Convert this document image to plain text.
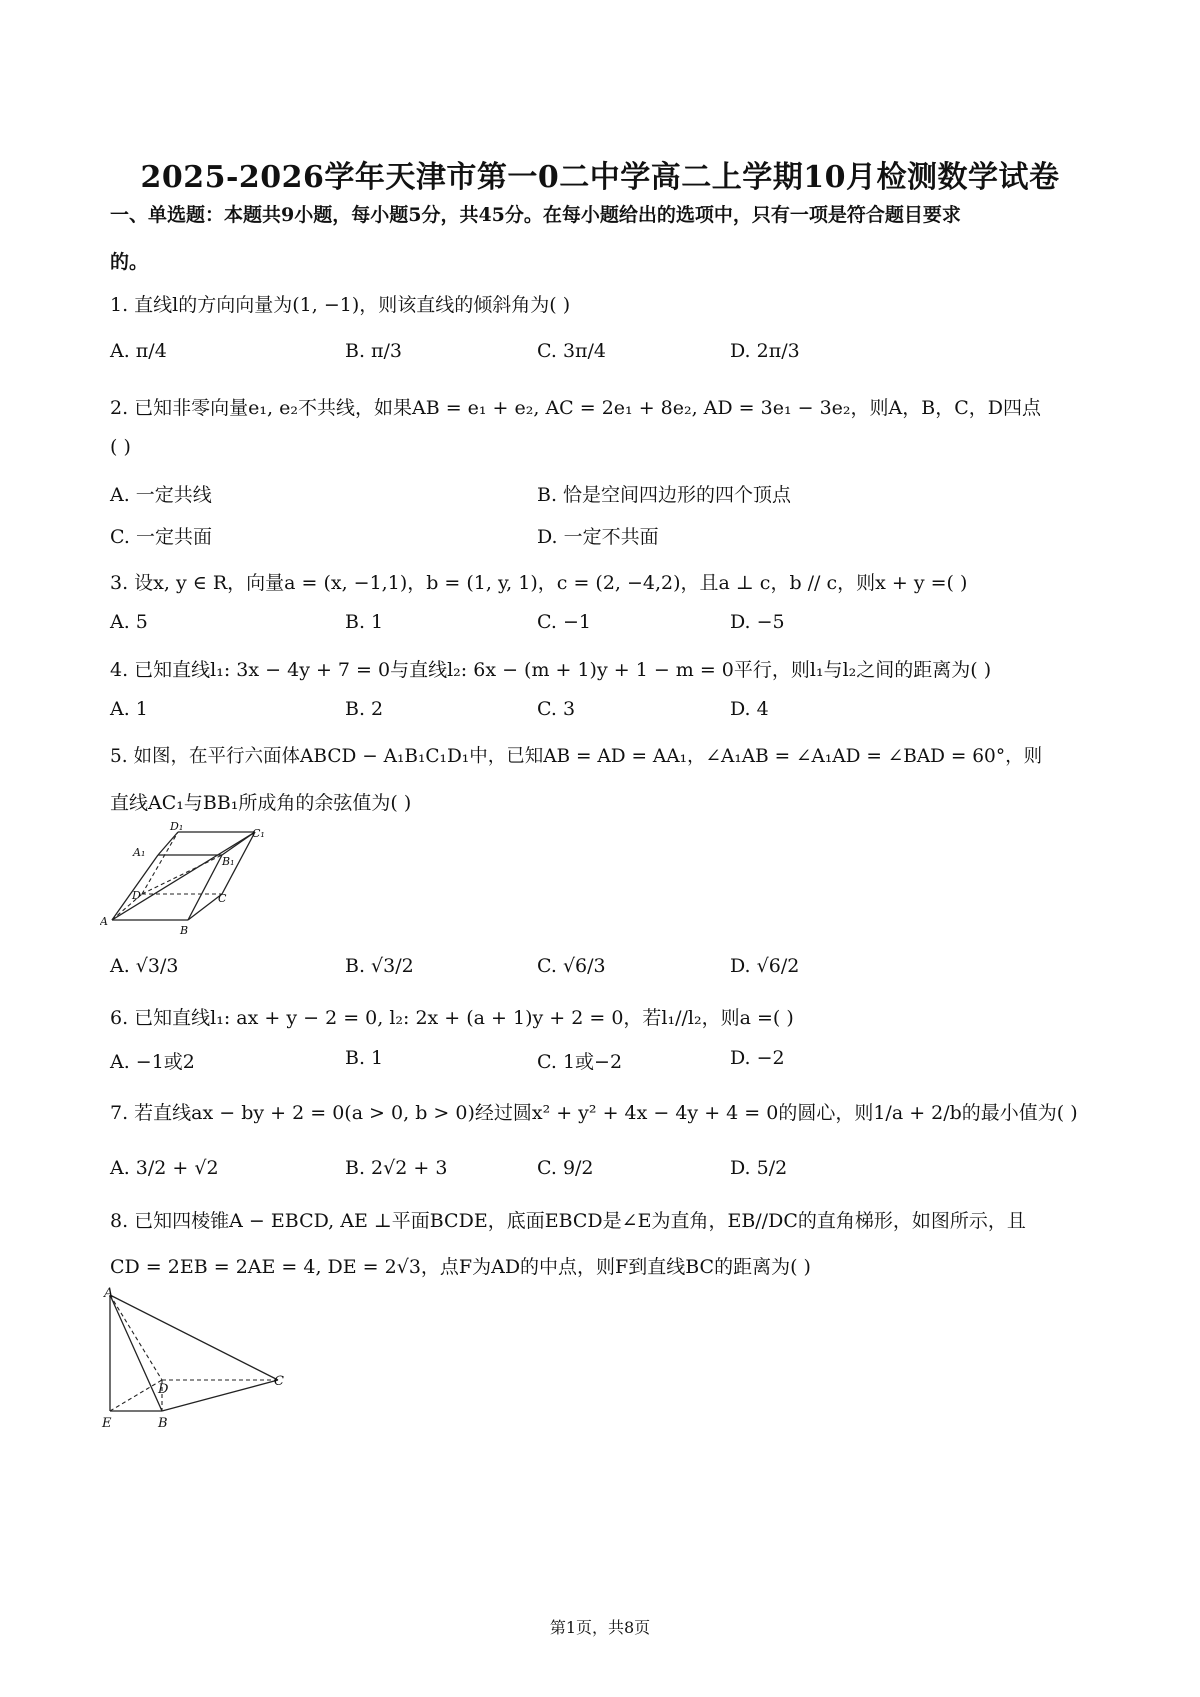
2025-2026学年天津市第一0二中学高二上学期10月检测数学试卷
一、单选题：本题共9小题，每小题5分，共45分。在每小题给出的选项中，只有一项是符合题目要求
的。
1. 直线l的方向向量为(1, −1)，则该直线的倾斜角为( )
A. π/4	B. π/3	C. 3π/4	D. 2π/3
2. 已知非零向量e₁, e₂不共线，如果AB = e₁ + e₂, AC = 2e₁ + 8e₂, AD = 3e₁ − 3e₂，则A，B，C，D四点
( )
A. 一定共线	B. 恰是空间四边形的四个顶点
C. 一定共面	D. 一定不共面
3. 设x, y ∈ R，向量a = (x, −1,1)，b = (1, y, 1)，c = (2, −4,2)，且a ⊥ c，b // c，则x + y =( )
A. 5	B. 1	C. −1	D. −5
4. 已知直线l₁: 3x − 4y + 7 = 0与直线l₂: 6x − (m + 1)y + 1 − m = 0平行，则l₁与l₂之间的距离为( )
A. 1	B. 2	C. 3	D. 4
5. 如图，在平行六面体ABCD − A₁B₁C₁D₁中，已知AB = AD = AA₁，∠A₁AB = ∠A₁AD = ∠BAD = 60°，则
直线AC₁与BB₁所成角的余弦值为( )
D₁
C₁
A₁
B₁
D	C
A
B
A. √3/3	B. √3/2	C. √6/3	D. √6/2
6. 已知直线l₁: ax + y − 2 = 0, l₂: 2x + (a + 1)y + 2 = 0，若l₁//l₂，则a =( )
A. −1或2	B. 1	C. 1或−2	D. −2
7. 若直线ax − by + 2 = 0(a > 0, b > 0)经过圆x² + y² + 4x − 4y + 4 = 0的圆心，则1/a + 2/b的最小值为( )
A. 3/2 + √2	B. 2√2 + 3	C. 9/2	D. 5/2
8. 已知四棱锥A − EBCD, AE ⊥平面BCDE，底面EBCD是∠E为直角，EB//DC的直角梯形，如图所示，且
CD = 2EB = 2AE = 4, DE = 2√3，点F为AD的中点，则F到直线BC的距离为( )
A
D
C
E	B
第1页，共8页
